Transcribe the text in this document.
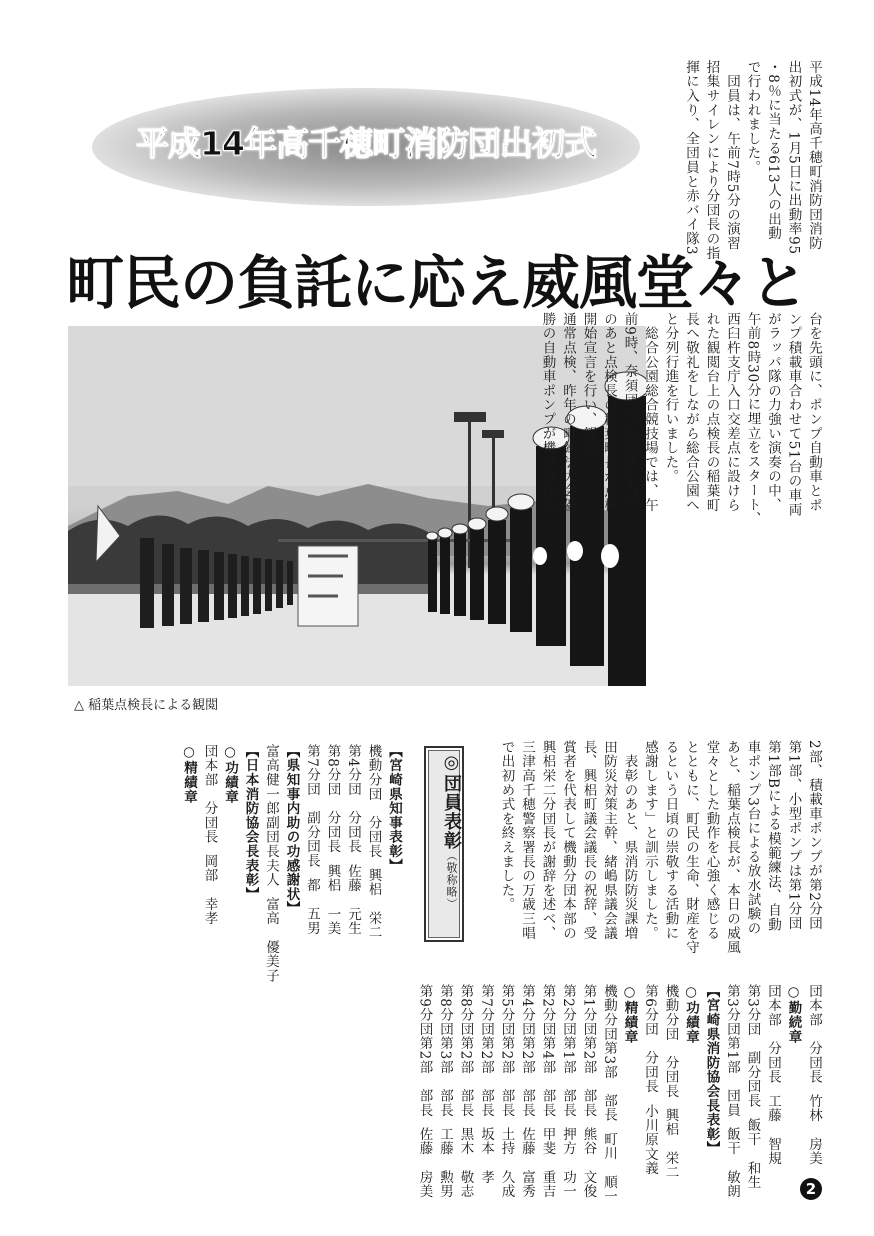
平成14年高千穂町消防団出初式
町民の負託に応え威風堂々と
△ 稲葉点検長による観閲
平成14年高千穂町消防団消防
出初式が、1月5日に出動率95
・8％に当たる613人の出動
で行われました。
　団員は、午前7時5分の演習
招集サイレンにより分団長の指
揮に入り、全団員と赤バイ隊3
台を先頭に、ポンプ自動車とポ
ンプ積載車合わせて51台の車両
がラッパ隊の力強い演奏の中、
午前8時30分に埋立をスタート、
西臼杵支庁入口交差点に設けら
れた観閲台上の点検長の稲葉町
長へ敬礼をしながら総合公園へ
と分列行進を行いました。
　総合公園総合競技場では、午
前9時、奈須団長と団旗の入場
のあと点検長の稲葉町長が点検
開始宣言を行い、観閲、
通常点検、昨年の町繰法大会優
勝の自動車ポンプが機動分団第
2部、積載車ポンプが第2分団
第1部、小型ポンプは第1分団
第1部Bによる模範練法、自動
車ポンプ3台による放水試験の
あと、稲葉点検長が、本日の威風
堂々とした動作を心強く感じる
とともに、町民の生命、財産を守
るという日頃の崇敬する活動に
感謝します」と訓示しました。
　表彰のあと、県消防防災課増
田防災対策主幹、緒嶋県議会議
長、興梠町議会議長の祝辞、受
賞者を代表して機動分団本部の
興梠栄二分団長が謝辞を述べ、
三津高千穂警察署長の万歳三唱
で出初め式を終えました。
◎団員表彰（敬称略）
【宮崎県知事表彰】
機動分団　分団長興梠　栄二
第4分団　分団長佐藤　元生
第8分団　分団長興梠　一美
第7分団　副分団長都　五男
【県知事内助の功感謝状】
富高健一郎副団長夫人富高　優美子
【日本消防協会長表彰】
○功績章
団本部　分団長岡部　幸孝
○精績章
団本部　分団長竹林　房美
○勤続章
団本部　分団長工藤　智規
第3分団　副分団長飯干　和生
第3分団第1部　団員飯干　敏朗
【宮崎県消防協会長表彰】
○功績章
機動分団　分団長興梠　栄二
第6分団　分団長小川原文義
○精績章
機動分団第3部　部長町川　順一
第1分団第2部　部長熊谷　文俊
第2分団第1部　部長押方　功一
第2分団第4部　部長甲斐　重吉
第4分団第2部　部長佐藤　富秀
第5分団第2部　部長土持　久成
第7分団第2部　部長坂本　孝
第8分団第2部　部長黒木　敬志
第8分団第3部　部長工藤　勲男
第9分団第2部　部長佐藤　房美	2
